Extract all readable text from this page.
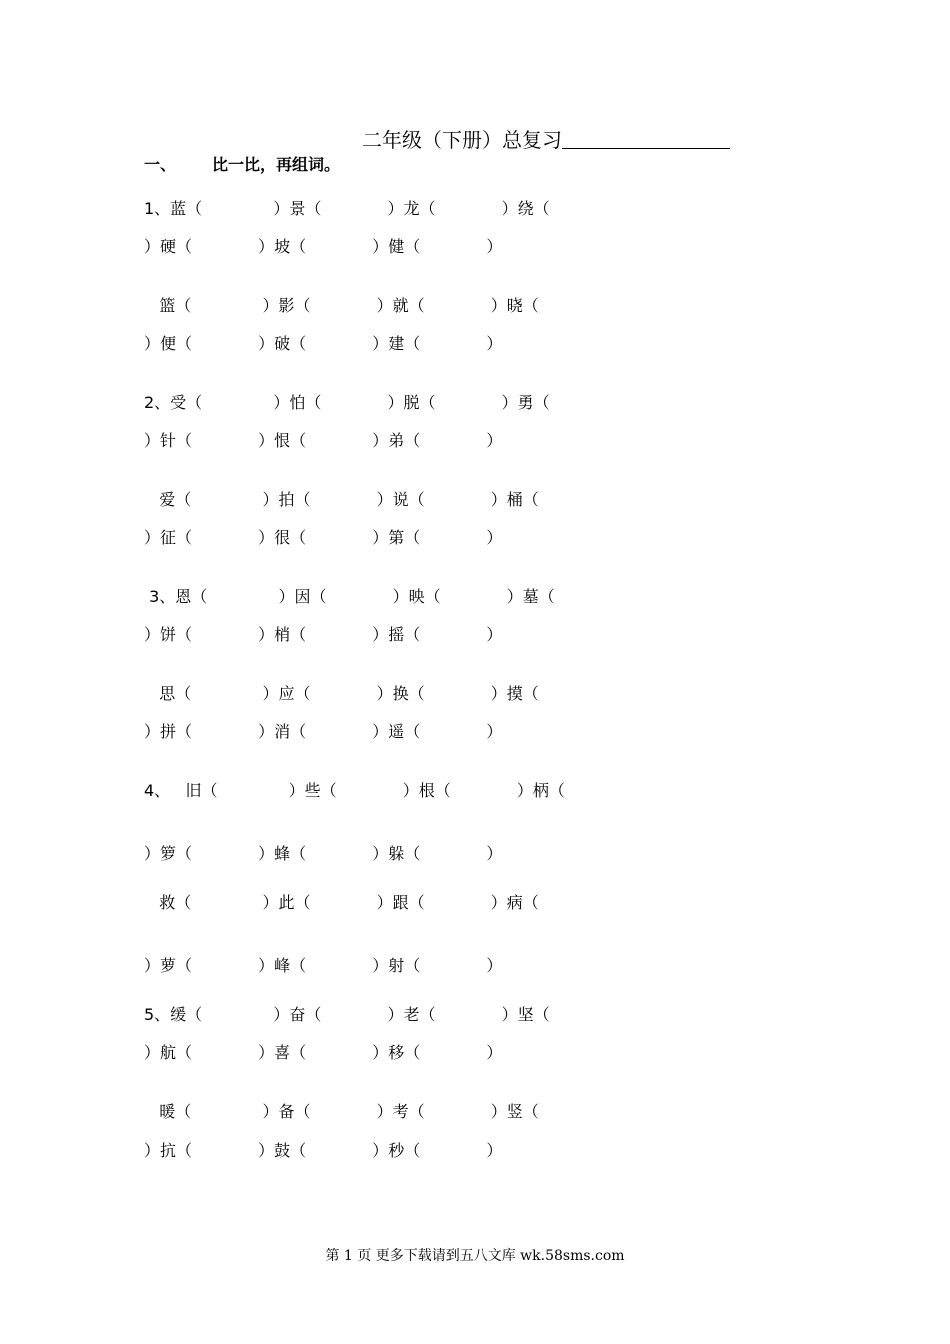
二年级（下册）总复习
一、 比一比，再组词。
1、蓝（              ）景（             ）龙（             ）绕（
）硬（             ）坡（             ）健（             ）
篮（              ）影（             ）就（             ）晓（
）便（             ）破（             ）建（             ）
2、受（              ）怕（             ）脱（             ）勇（
）针（             ）恨（             ）弟（             ）
爱（              ）拍（             ）说（             ）桶（
）征（             ）很（             ）第（             ）
3、恩（              ）因（             ）映（             ）墓（
）饼（             ）梢（             ）摇（             ）
思（              ）应（             ）换（             ）摸（
）拼（             ）消（             ）遥（             ）
4、   旧（              ）些（             ）根（             ）柄（
）箩（             ）蜂（             ）躲（             ）
救（              ）此（             ）跟（             ）病（
）萝（             ）峰（             ）射（             ）
5、缓（              ）奋（             ）老（             ）坚（
）航（             ）喜（             ）移（             ）
暖（              ）备（             ）考（             ）竖（
）抗（             ）鼓（             ）秒（             ）
第 1 页 更多下载请到五八文库 wk.58sms.com
